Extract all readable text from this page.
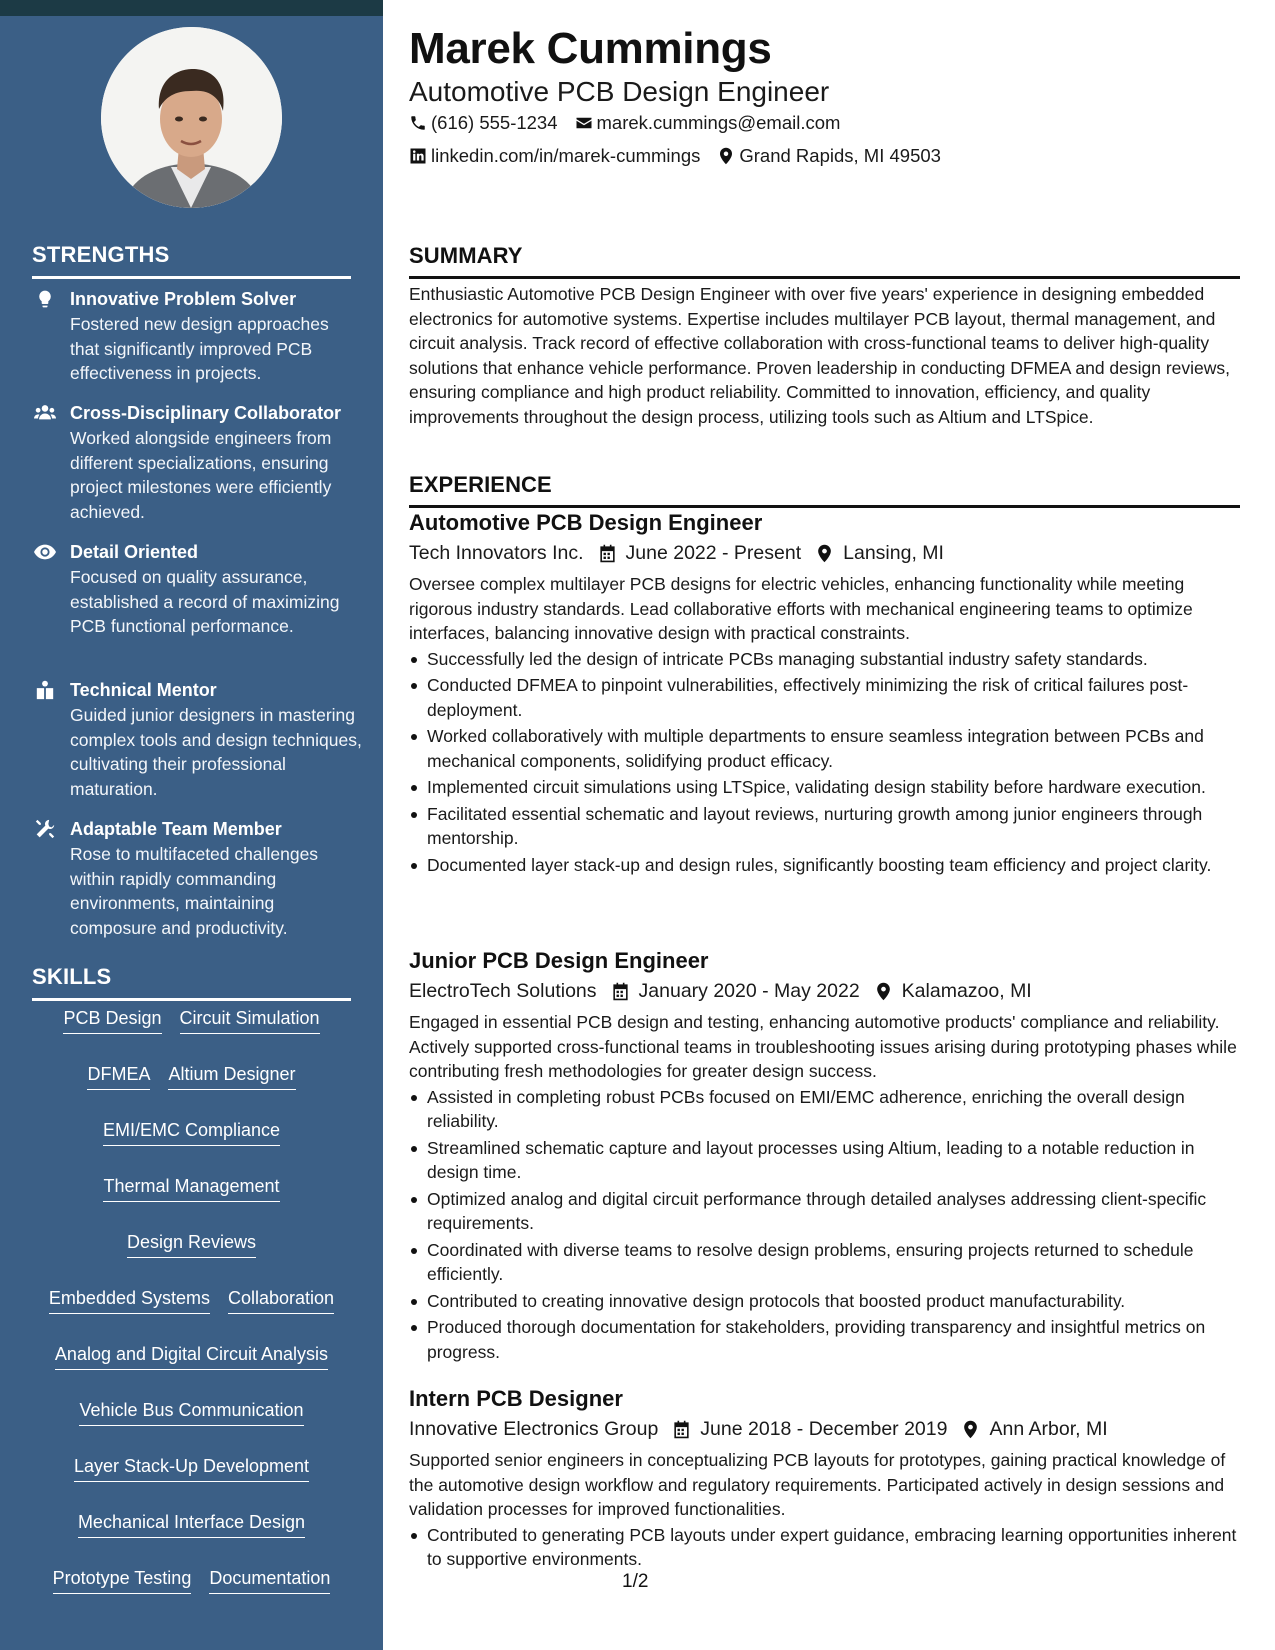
STRENGTHS
Innovative Problem Solver
Fostered new design approaches that significantly improved PCB effectiveness in projects.
Cross-Disciplinary Collaborator
Worked alongside engineers from different specializations, ensuring project milestones were efficiently achieved.
Detail Oriented
Focused on quality assurance, established a record of maximizing PCB functional performance.
Technical Mentor
Guided junior designers in mastering complex tools and design techniques, cultivating their professional maturation.
Adaptable Team Member
Rose to multifaceted challenges within rapidly commanding environments, maintaining composure and productivity.
SKILLS
PCB Design Circuit Simulation
DFMEA Altium Designer
EMI/EMC Compliance
Thermal Management
Design Reviews
Embedded Systems Collaboration
Analog and Digital Circuit Analysis
Vehicle Bus Communication
Layer Stack-Up Development
Mechanical Interface Design
Prototype Testing Documentation
Marek Cummings
Automotive PCB Design Engineer
(616) 555-1234 marek.cummings@email.com
linkedin.com/in/marek-cummings Grand Rapids, MI 49503
SUMMARY
Enthusiastic Automotive PCB Design Engineer with over five years' experience in designing embedded electronics for automotive systems. Expertise includes multilayer PCB layout, thermal management, and circuit analysis. Track record of effective collaboration with cross-functional teams to deliver high-quality solutions that enhance vehicle performance. Proven leadership in conducting DFMEA and design reviews, ensuring compliance and high product reliability. Committed to innovation, efficiency, and quality improvements throughout the design process, utilizing tools such as Altium and LTSpice.
EXPERIENCE
Automotive PCB Design Engineer
Tech Innovators Inc. June 2022 - Present Lansing, MI
Oversee complex multilayer PCB designs for electric vehicles, enhancing functionality while meeting rigorous industry standards. Lead collaborative efforts with mechanical engineering teams to optimize interfaces, balancing innovative design with practical constraints.
Successfully led the design of intricate PCBs managing substantial industry safety standards.
Conducted DFMEA to pinpoint vulnerabilities, effectively minimizing the risk of critical failures post-deployment.
Worked collaboratively with multiple departments to ensure seamless integration between PCBs and mechanical components, solidifying product efficacy.
Implemented circuit simulations using LTSpice, validating design stability before hardware execution.
Facilitated essential schematic and layout reviews, nurturing growth among junior engineers through mentorship.
Documented layer stack-up and design rules, significantly boosting team efficiency and project clarity.
Junior PCB Design Engineer
ElectroTech Solutions January 2020 - May 2022 Kalamazoo, MI
Engaged in essential PCB design and testing, enhancing automotive products' compliance and reliability. Actively supported cross-functional teams in troubleshooting issues arising during prototyping phases while contributing fresh methodologies for greater design success.
Assisted in completing robust PCBs focused on EMI/EMC adherence, enriching the overall design reliability.
Streamlined schematic capture and layout processes using Altium, leading to a notable reduction in design time.
Optimized analog and digital circuit performance through detailed analyses addressing client-specific requirements.
Coordinated with diverse teams to resolve design problems, ensuring projects returned to schedule efficiently.
Contributed to creating innovative design protocols that boosted product manufacturability.
Produced thorough documentation for stakeholders, providing transparency and insightful metrics on progress.
Intern PCB Designer
Innovative Electronics Group June 2018 - December 2019 Ann Arbor, MI
Supported senior engineers in conceptualizing PCB layouts for prototypes, gaining practical knowledge of the automotive design workflow and regulatory requirements. Participated actively in design sessions and validation processes for improved functionalities.
Contributed to generating PCB layouts under expert guidance, embracing learning opportunities inherent to supportive environments.
1/2
